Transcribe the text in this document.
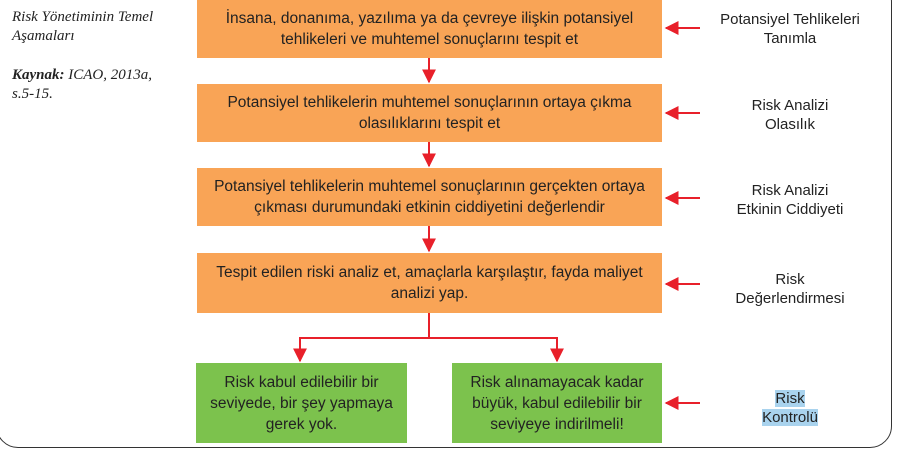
Risk Yönetiminin Temel Aşamaları
Kaynak: ICAO, 2013a, s.5-15.
İnsana, donanıma, yazılıma ya da çevreye ilişkin potansiyel tehlikeleri ve muhtemel sonuçlarını tespit et
Potansiyel tehlikelerin muhtemel sonuçlarının ortaya çıkma olasılıklarını tespit et
Potansiyel tehlikelerin muhtemel sonuçlarının gerçekten ortaya çıkması durumundaki etkinin ciddiyetini değerlendir
Tespit edilen riski analiz et, amaçlarla karşılaştır, fayda maliyet analizi yap.
Risk kabul edilebilir bir seviyede, bir şey yapmaya gerek yok.
Risk alınamayacak kadar büyük, kabul edilebilir bir seviyeye indirilmeli!
Potansiyel Tehlikeleri
Tanımla
Risk Analizi
Olasılık
Risk Analizi
Etkinin Ciddiyeti
Risk
Değerlendirmesi
Risk
Kontrolü
